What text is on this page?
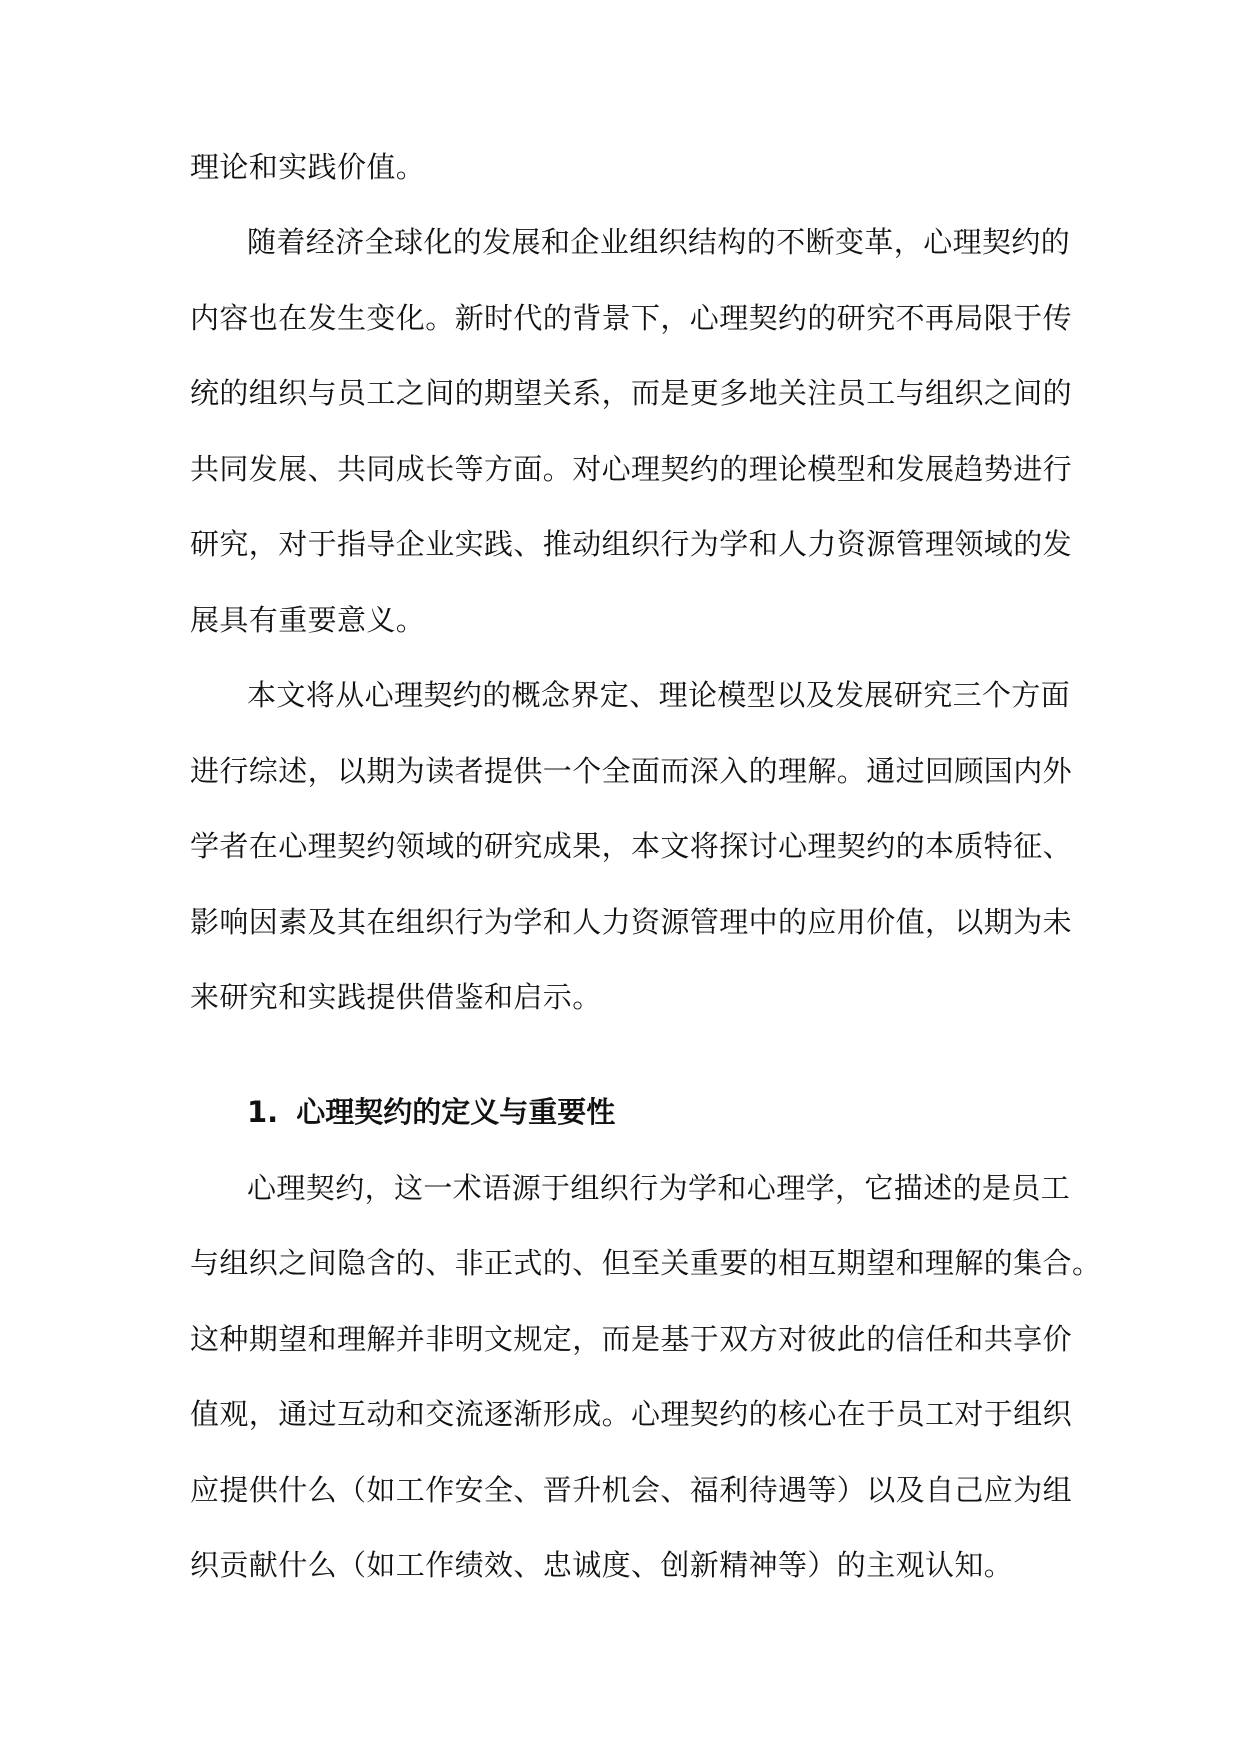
理论和实践价值。
随着经济全球化的发展和企业组织结构的不断变革，心理契约的
内容也在发生变化。新时代的背景下，心理契约的研究不再局限于传
统的组织与员工之间的期望关系，而是更多地关注员工与组织之间的
共同发展、共同成长等方面。对心理契约的理论模型和发展趋势进行
研究，对于指导企业实践、推动组织行为学和人力资源管理领域的发
展具有重要意义。
本文将从心理契约的概念界定、理论模型以及发展研究三个方面
进行综述，以期为读者提供一个全面而深入的理解。通过回顾国内外
学者在心理契约领域的研究成果，本文将探讨心理契约的本质特征、
影响因素及其在组织行为学和人力资源管理中的应用价值，以期为未
来研究和实践提供借鉴和启示。
1. 心理契约的定义与重要性
心理契约，这一术语源于组织行为学和心理学，它描述的是员工
与组织之间隐含的、非正式的、但至关重要的相互期望和理解的集合。
这种期望和理解并非明文规定，而是基于双方对彼此的信任和共享价
值观，通过互动和交流逐渐形成。心理契约的核心在于员工对于组织
应提供什么（如工作安全、晋升机会、福利待遇等）以及自己应为组
织贡献什么（如工作绩效、忠诚度、创新精神等）的主观认知。
